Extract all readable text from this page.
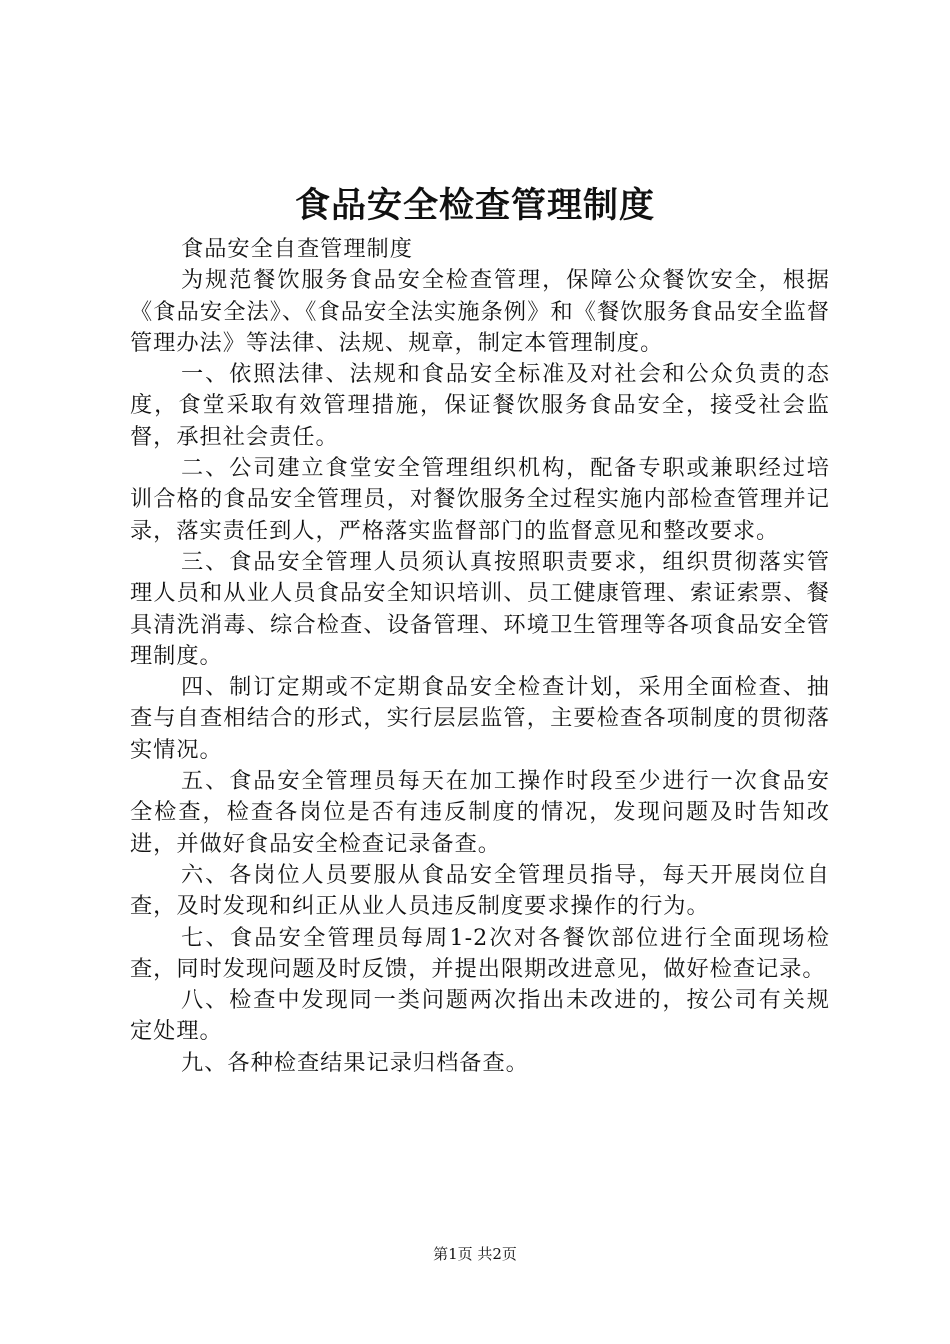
食品安全检查管理制度

食品安全自查管理制度

为规范餐饮服务食品安全检查管理，保障公众餐饮安全，根据《食品安全法》、《食品安全法实施条例》和《餐饮服务食品安全监督管理办法》等法律、法规、规章，制定本管理制度。

一、依照法律、法规和食品安全标准及对社会和公众负责的态度，食堂采取有效管理措施，保证餐饮服务食品安全，接受社会监督，承担社会责任。

二、公司建立食堂安全管理组织机构，配备专职或兼职经过培训合格的食品安全管理员，对餐饮服务全过程实施内部检查管理并记录，落实责任到人，严格落实监督部门的监督意见和整改要求。

三、食品安全管理人员须认真按照职责要求，组织贯彻落实管理人员和从业人员食品安全知识培训、员工健康管理、索证索票、餐具清洗消毒、综合检查、设备管理、环境卫生管理等各项食品安全管理制度。

四、制订定期或不定期食品安全检查计划，采用全面检查、抽查与自查相结合的形式，实行层层监管，主要检查各项制度的贯彻落实情况。

五、食品安全管理员每天在加工操作时段至少进行一次食品安全检查，检查各岗位是否有违反制度的情况，发现问题及时告知改进，并做好食品安全检查记录备查。

六、各岗位人员要服从食品安全管理员指导，每天开展岗位自查，及时发现和纠正从业人员违反制度要求操作的行为。

七、食品安全管理员每周1-2次对各餐饮部位进行全面现场检查，同时发现问题及时反馈，并提出限期改进意见，做好检查记录。

八、检查中发现同一类问题两次指出未改进的，按公司有关规定处理。

九、各种检查结果记录归档备查。

第1页 共2页
